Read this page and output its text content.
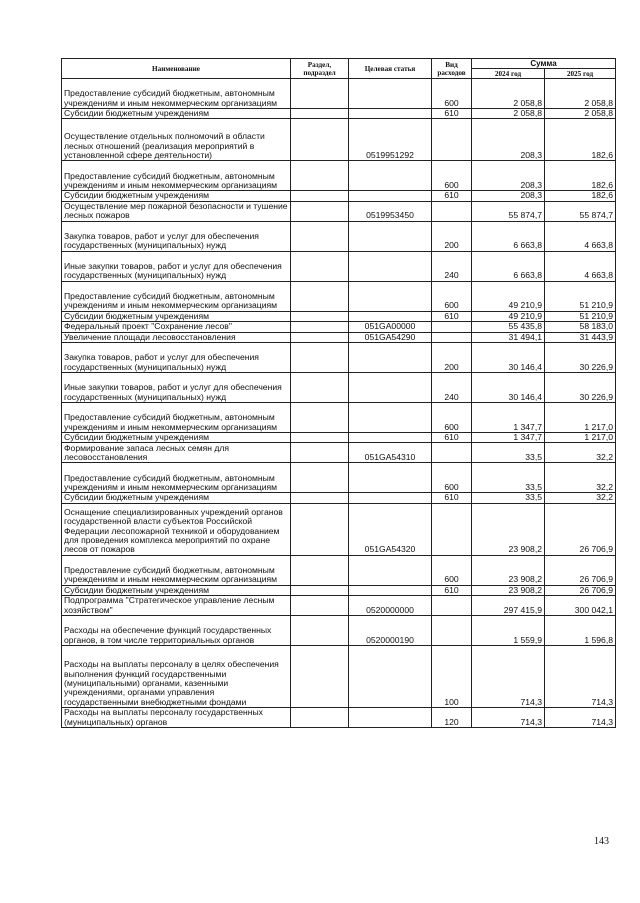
Наименование	Раздел, подраздел	Целевая статья	Вид расходов	Сумма	
				2024 год	2025 год
Предоставление субсидий бюджетным, автономным учреждениям и иным некоммерческим организациям			600	2 058,8	2 058,8
Субсидии бюджетным учреждениям			610	2 058,8	2 058,8
Осуществление отдельных полномочий в области лесных отношений (реализация мероприятий в установленной сфере деятельности)		0519951292		208,3	182,6
Предоставление субсидий бюджетным, автономным учреждениям и иным некоммерческим организациям			600	208,3	182,6
Субсидии бюджетным учреждениям			610	208,3	182,6
Осуществление мер пожарной безопасности и тушение лесных пожаров		0519953450		55 874,7	55 874,7
Закупка товаров, работ и услуг для обеспечения государственных (муниципальных) нужд			200	6 663,8	4 663,8
Иные закупки товаров, работ и услуг для обеспечения государственных (муниципальных) нужд			240	6 663,8	4 663,8
Предоставление субсидий бюджетным, автономным учреждениям и иным некоммерческим организациям			600	49 210,9	51 210,9
Субсидии бюджетным учреждениям			610	49 210,9	51 210,9
Федеральный проект "Сохранение лесов"		051GA00000		55 435,8	58 183,0
Увеличение площади лесовосстановления		051GA54290		31 494,1	31 443,9
Закупка товаров, работ и услуг для обеспечения государственных (муниципальных) нужд			200	30 146,4	30 226,9
Иные закупки товаров, работ и услуг для обеспечения государственных (муниципальных) нужд			240	30 146,4	30 226,9
Предоставление субсидий бюджетным, автономным учреждениям и иным некоммерческим организациям			600	1 347,7	1 217,0
Субсидии бюджетным учреждениям			610	1 347,7	1 217,0
Формирование запаса лесных семян для лесовосстановления		051GA54310		33,5	32,2
Предоставление субсидий бюджетным, автономным учреждениям и иным некоммерческим организациям			600	33,5	32,2
Субсидии бюджетным учреждениям			610	33,5	32,2
Оснащение специализированных учреждений органов государственной власти субъектов Российской Федерации лесопожарной техникой и оборудованием для проведения комплекса мероприятий по охране лесов от пожаров		051GA54320		23 908,2	26 706,9
Предоставление субсидий бюджетным, автономным учреждениям и иным некоммерческим организациям			600	23 908,2	26 706,9
Субсидии бюджетным учреждениям			610	23 908,2	26 706,9
Подпрограмма "Стратегическое управление лесным хозяйством"		0520000000		297 415,9	300 042,1
Расходы на обеспечение функций государственных органов, в том числе территориальных органов		0520000190		1 559,9	1 596,8
Расходы на выплаты персоналу в целях обеспечения выполнения функций государственными (муниципальными) органами, казенными учреждениями, органами управления государственными внебюджетными фондами			100	714,3	714,3
Расходы на выплаты персоналу государственных (муниципальных) органов			120	714,3	714,3
143
